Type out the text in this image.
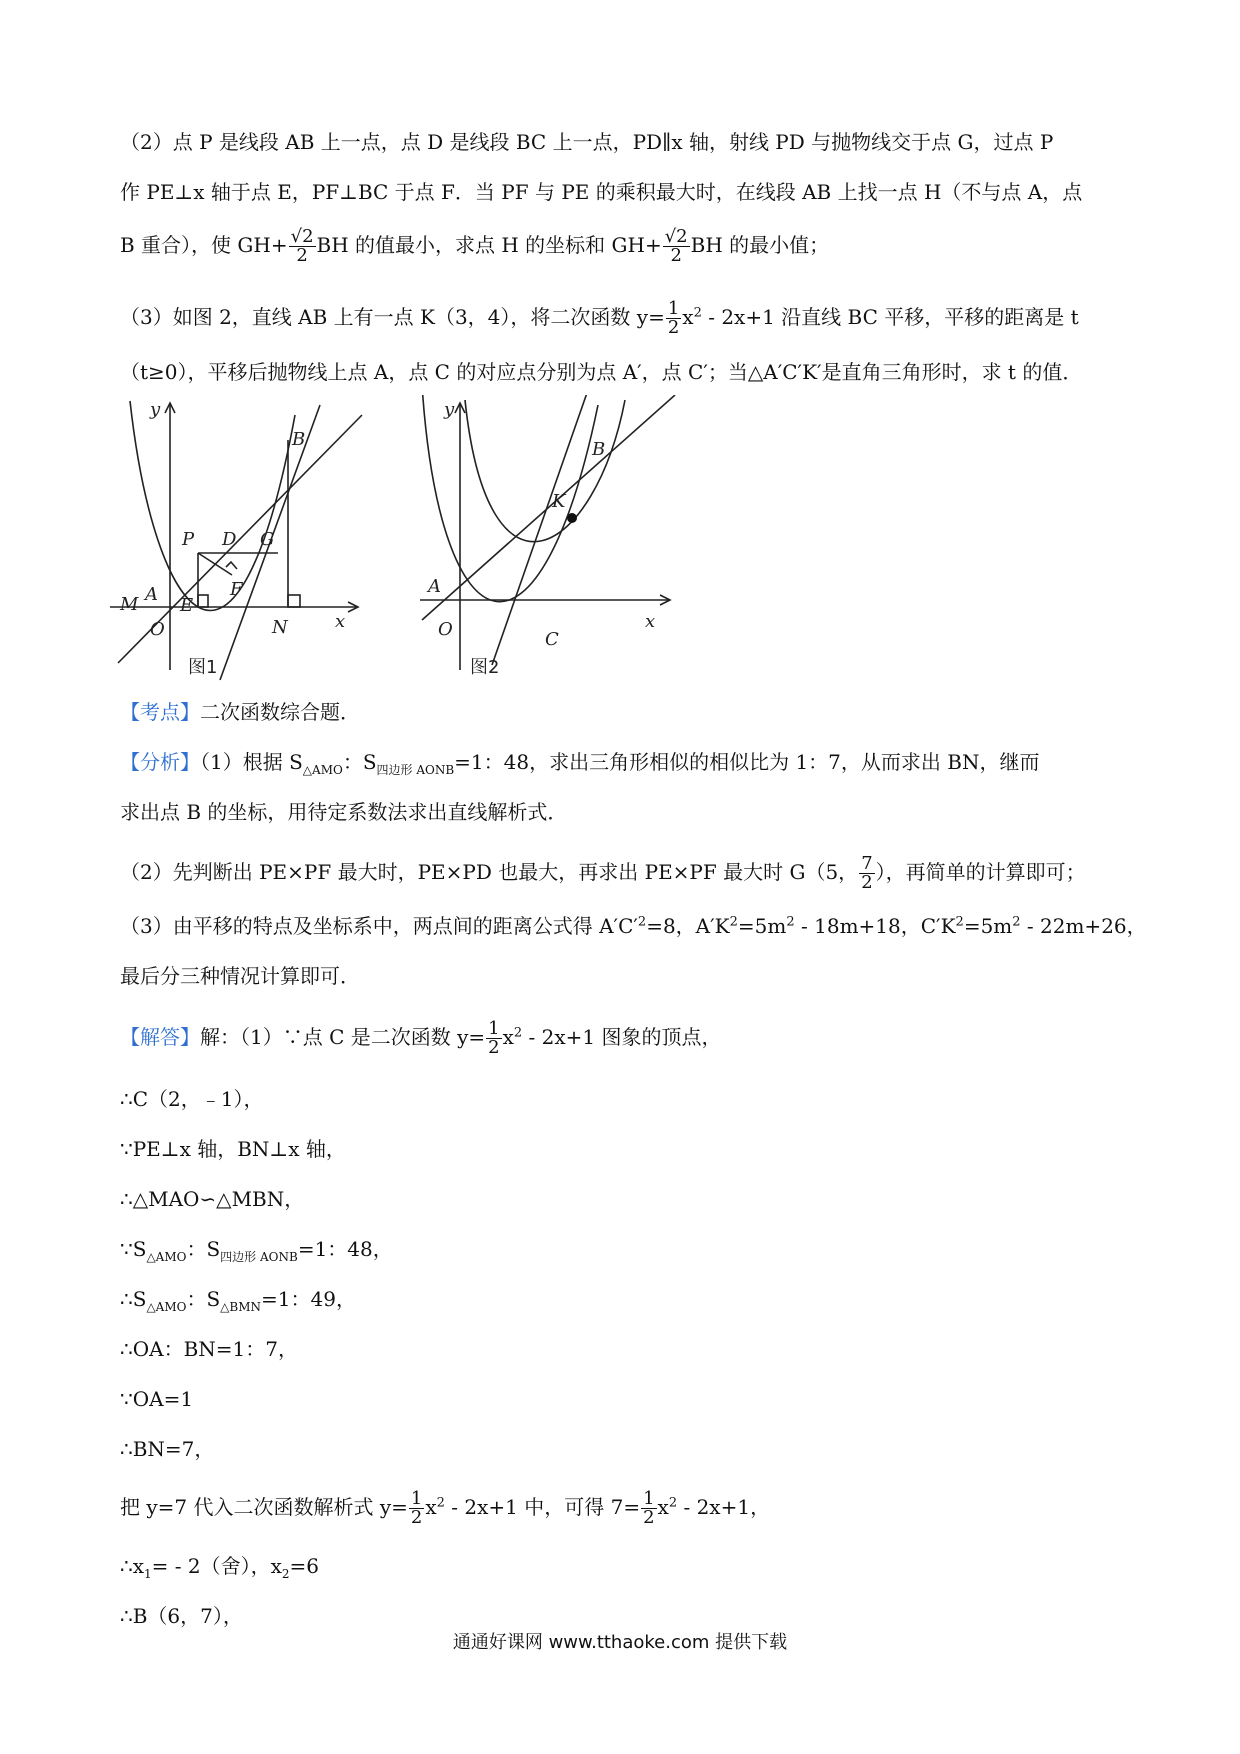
（2）点 P 是线段 AB 上一点，点 D 是线段 BC 上一点，PD∥x 轴，射线 PD 与抛物线交于点 G，过点 P
作 PE⊥x 轴于点 E，PF⊥BC 于点 F．当 PF 与 PE 的乘积最大时，在线段 AB 上找一点 H（不与点 A，点
B 重合），使 $GH+ \frac{√2}{2}$ BH 的值最小，求点 H 的坐标和 $GH+ \frac{√2}{2}$ BH 的最小值；
（3）如图 2，直线 AB 上有一点 K（3，4），将二次函数 $y= \frac{1}{2} x^2 - 2x+1$ 沿直线 BC 平移，平移的距离是 t
（t≥0），平移后抛物线上点 A，点 C 的对应点分别为点 A′，点 C′；当△A′C′K′是直角三角形时，求 t 的值．
y
x
O
A
M E
P D G
F
B
N
图1
y
x
O
A
K
B
C
图2
【考点】二次函数综合题．
【分析】（1）根据 $S_{\triangle AMO}$：$S_{四边形 AONB}=1$：48，求出三角形相似的相似比为 1：7，从而求出 BN，继而
求出点 B 的坐标，用待定系数法求出直线解析式．
（2）先判断出 PE×PF 最大时，PE×PD 也最大，再求出 PE×PF 最大时 G（5， $\frac{7}{2}$ ），再简单的计算即可；
（3）由平移的特点及坐标系中，两点间的距离公式得 $A'C'^2=8$，$A'K^2=5m^2 - 18m+18$，$C'K^2=5m^2 - 22m+26$，
最后分三种情况计算即可．
【解答】解：（1）∵点 C 是二次函数 $y= \frac{1}{2} x^2 - 2x+1$ 图象的顶点，
∴C（2，﹣1），
∵PE⊥x 轴，BN⊥x 轴，
∴△MAO∽△MBN，
$\because S_{\triangle AMO}$：$S_{四边形 AONB}=1$：48，
$\therefore S_{\triangle AMO}$：$S_{\triangle BMN}=1$：49，
∴OA：BN=1：7，
∵OA=1
∴BN=7，
把 y=7 代入二次函数解析式 $y= \frac{1}{2} x^2 - 2x+1$ 中，可得 $7= \frac{1}{2} x^2 - 2x+1$，
$\therefore x_1= - 2$（舍），$x_2=6$
∴B（6，7），
通通好课网 www.tthaoke.com 提供下载
